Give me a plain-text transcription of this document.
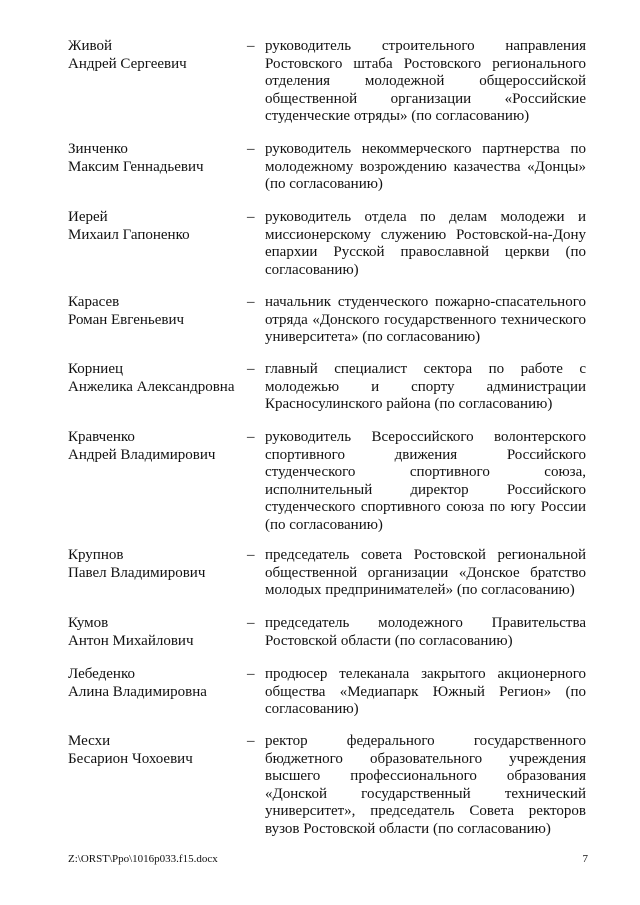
Живой
Андрей Сергеевич
– руководитель строительного направления Ростовского штаба Ростовского регионального отделения молодежной общероссийской общественной организации «Российские студенческие отряды» (по согласованию)
Зинченко
Максим Геннадьевич
– руководитель некоммерческого партнерства по молодежному возрождению казачества «Донцы» (по согласованию)
Иерей
Михаил Гапоненко
– руководитель отдела по делам молодежи и миссионерскому служению Ростовской-на-Дону епархии Русской православной церкви (по согласованию)
Карасев
Роман Евгеньевич
– начальник студенческого пожарно-спасательного отряда «Донского государственного технического университета» (по согласованию)
Корниец
Анжелика Александровна
– главный специалист сектора по работе с молодежью и спорту администрации Красносулинского района (по согласованию)
Кравченко
Андрей Владимирович
– руководитель Всероссийского волонтерского спортивного движения Российского студенческого спортивного союза, исполнительный директор Российского студенческого спортивного союза по югу России (по согласованию)
Крупнов
Павел Владимирович
– председатель совета Ростовской региональной общественной организации «Донское братство молодых предпринимателей» (по согласованию)
Кумов
Антон Михайлович
– председатель молодежного Правительства Ростовской области (по согласованию)
Лебеденко
Алина Владимировна
– продюсер телеканала закрытого акционерного общества «Медиапарк Южный Регион» (по согласованию)
Месхи
Бесарион Чохоевич
– ректор федерального государственного бюджетного образовательного учреждения высшего профессионального образования «Донской государственный технический университет», председатель Совета ректоров вузов Ростовской области (по согласованию)
Z:\ORST\Ppo\1016p033.f15.docx	7
